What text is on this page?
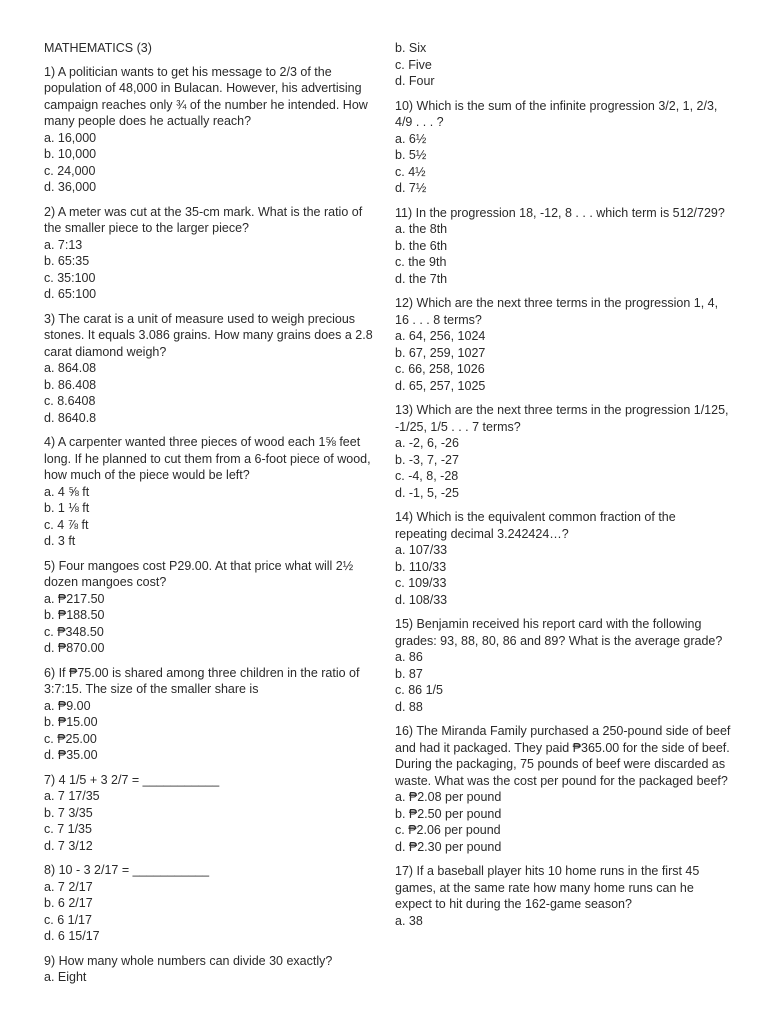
MATHEMATICS (3)
1) A politician wants to get his message to 2/3 of the population of 48,000 in Bulacan. However, his advertising campaign reaches only ¾ of the number he intended. How many people does he actually reach?
a. 16,000
b. 10,000
c. 24,000
d. 36,000
2) A meter was cut at the 35-cm mark. What is the ratio of the smaller piece to the larger piece?
a. 7:13
b. 65:35
c. 35:100
d. 65:100
3) The carat is a unit of measure used to weigh precious stones. It equals 3.086 grains. How many grains does a 2.8 carat diamond weigh?
a. 864.08
b. 86.408
c. 8.6408
d. 8640.8
4) A carpenter wanted three pieces of wood each 1⅝ feet long. If he planned to cut them from a 6-foot piece of wood, how much of the piece would be left?
a. 4 ⅝ ft
b. 1 ⅛ ft
c. 4 ⅞ ft
d. 3 ft
5) Four mangoes cost P29.00. At that price what will 2½ dozen mangoes cost?
a. ₱217.50
b. ₱188.50
c. ₱348.50
d. ₱870.00
6) If ₱75.00 is shared among three children in the ratio of 3:7:15. The size of the smaller share is
a. ₱9.00
b. ₱15.00
c. ₱25.00
d. ₱35.00
7) 4 1/5 + 3 2/7 = ___________
a. 7 17/35
b. 7 3/35
c. 7 1/35
d. 7 3/12
8) 10 - 3 2/17 = ___________
a. 7 2/17
b. 6 2/17
c. 6 1/17
d. 6 15/17
9) How many whole numbers can divide 30 exactly?
a. Eight
b. Six
c. Five
d. Four
10) Which is the sum of the infinite progression 3/2, 1, 2/3, 4/9 . . . ?
a. 6½
b. 5½
c. 4½
d. 7½
11) In the progression 18, -12, 8 . . . which term is 512/729?
a. the 8th
b. the 6th
c. the 9th
d. the 7th
12) Which are the next three terms in the progression 1, 4, 16 . . . 8 terms?
a. 64, 256, 1024
b. 67, 259, 1027
c. 66, 258, 1026
d. 65, 257, 1025
13) Which are the next three terms in the progression 1/125, -1/25, 1/5 . . . 7 terms?
a. -2, 6, -26
b. -3, 7, -27
c. -4, 8, -28
d. -1, 5, -25
14) Which is the equivalent common fraction of the repeating decimal 3.242424…?
a. 107/33
b. 110/33
c. 109/33
d. 108/33
15) Benjamin received his report card with the following grades: 93, 88, 80, 86 and 89? What is the average grade?
a. 86
b. 87
c. 86 1/5
d. 88
16) The Miranda Family purchased a 250-pound side of beef and had it packaged. They paid ₱365.00 for the side of beef. During the packaging, 75 pounds of beef were discarded as waste. What was the cost per pound for the packaged beef?
a. ₱2.08 per pound
b. ₱2.50 per pound
c. ₱2.06 per pound
d. ₱2.30 per pound
17) If a baseball player hits 10 home runs in the first 45 games, at the same rate how many home runs can he expect to hit during the 162-game season?
a. 38
